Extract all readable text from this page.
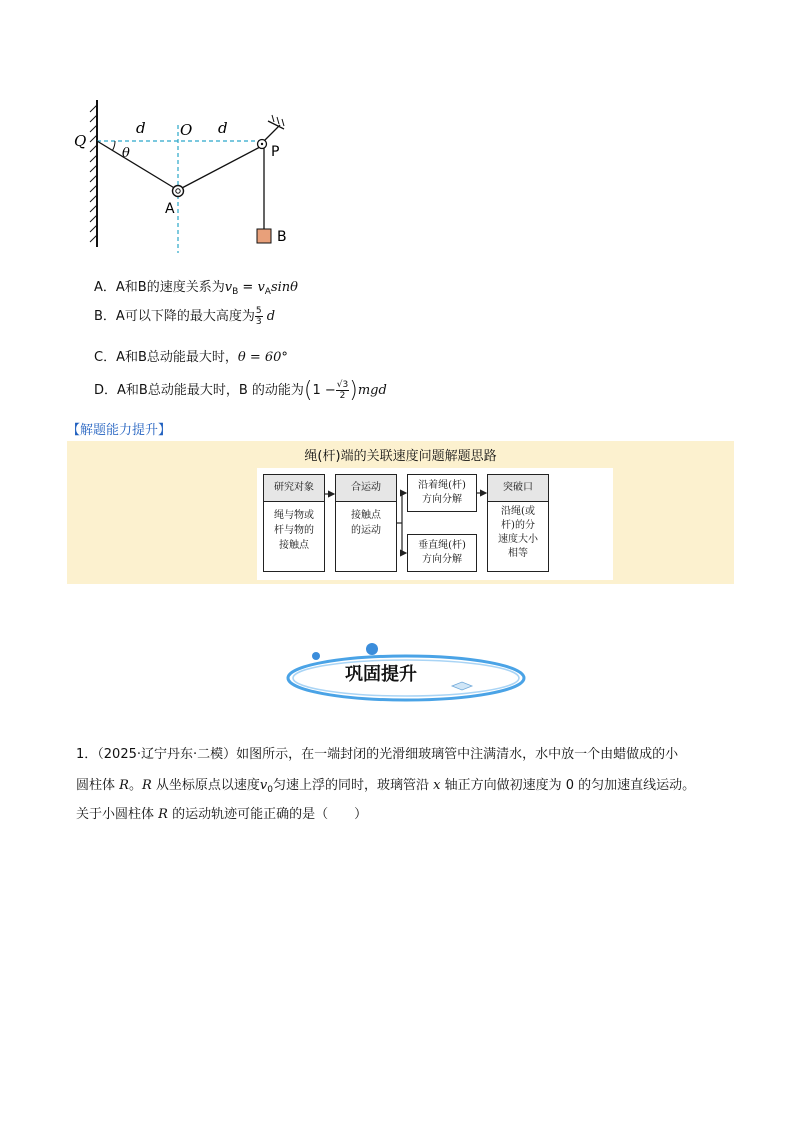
Q
d O d
θ	P
A
B
A．A和B的速度关系为$v_B = v_A\sin\theta$
B．A可以下降的最大高度为 $\frac{5}{3}$ d
C．A和B总动能最大时，θ = 60°
D．A和B总动能最大时，B 的动能为$(1 - \frac{√3}{2} )mgd$
【解题能力提升】
绳(杆)端的关联速度问题解题思路
研究对象
绳与物或
杆与物的
接触点
合运动
接触点
的运动
沿着绳(杆)
方向分解
垂直绳(杆)
方向分解
突破口
沿绳(或
杆)的分
速度大小
相等
巩固提升
1．（2025·辽宁丹东·二模）如图所示，在一端封闭的光滑细玻璃管中注满清水，水中放一个由蜡做成的小
圆柱体 R。R 从坐标原点以速度$v_0$匀速上浮的同时，玻璃管沿 x 轴正方向做初速度为 0 的匀加速直线运动。
关于小圆柱体 R 的运动轨迹可能正确的是（　　）
